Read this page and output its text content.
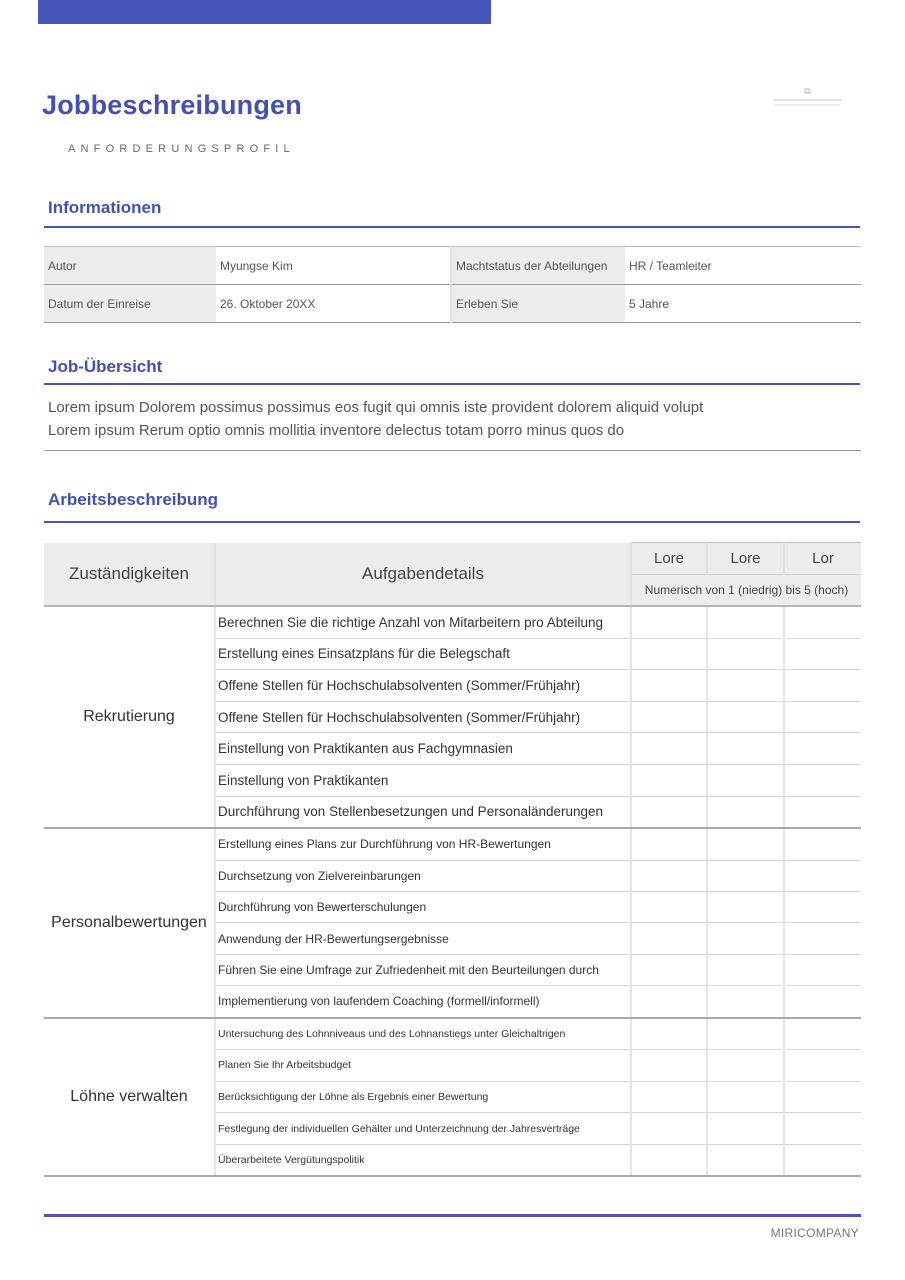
Jobbeschreibungen
ANFORDERUNGSPROFIL
⧉
Informationen
Autor	Myungse Kim	Machtstatus der Abteilungen	HR / Teamleiter
Datum der Einreise	26. Oktober 20XX	Erleben Sie	5 Jahre
Job-Übersicht
Lorem ipsum Dolorem possimus possimus eos fugit qui omnis iste provident dolorem aliquid volupt
Lorem ipsum Rerum optio omnis mollitia inventore delectus totam porro minus quos do
Arbeitsbeschreibung
Zuständigkeiten	Aufgabendetails	Lore	Lore	Lor
		Numerisch von 1 (niedrig) bis 5 (hoch)		
Rekrutierung	Berechnen Sie die richtige Anzahl von Mitarbeitern pro Abteilung			
	Erstellung eines Einsatzplans für die Belegschaft			
	Offene Stellen für Hochschulabsolventen (Sommer/Frühjahr)			
	Offene Stellen für Hochschulabsolventen (Sommer/Frühjahr)			
	Einstellung von Praktikanten aus Fachgymnasien			
	Einstellung von Praktikanten			
	Durchführung von Stellenbesetzungen und Personaländerungen			
Personalbewertungen	Erstellung eines Plans zur Durchführung von HR-Bewertungen			
	Durchsetzung von Zielvereinbarungen			
	Durchführung von Bewerterschulungen			
	Anwendung der HR-Bewertungsergebnisse			
	Führen Sie eine Umfrage zur Zufriedenheit mit den Beurteilungen durch			
	Implementierung von laufendem Coaching (formell/informell)			
Löhne verwalten	Untersuchung des Lohnniveaus und des Lohnanstiegs unter Gleichaltrigen			
	Planen Sie Ihr Arbeitsbudget			
	Berücksichtigung der Löhne als Ergebnis einer Bewertung			
	Festlegung der individuellen Gehälter und Unterzeichnung der Jahresverträge			
	Überarbeitete Vergütungspolitik			
MIRICOMPANY
